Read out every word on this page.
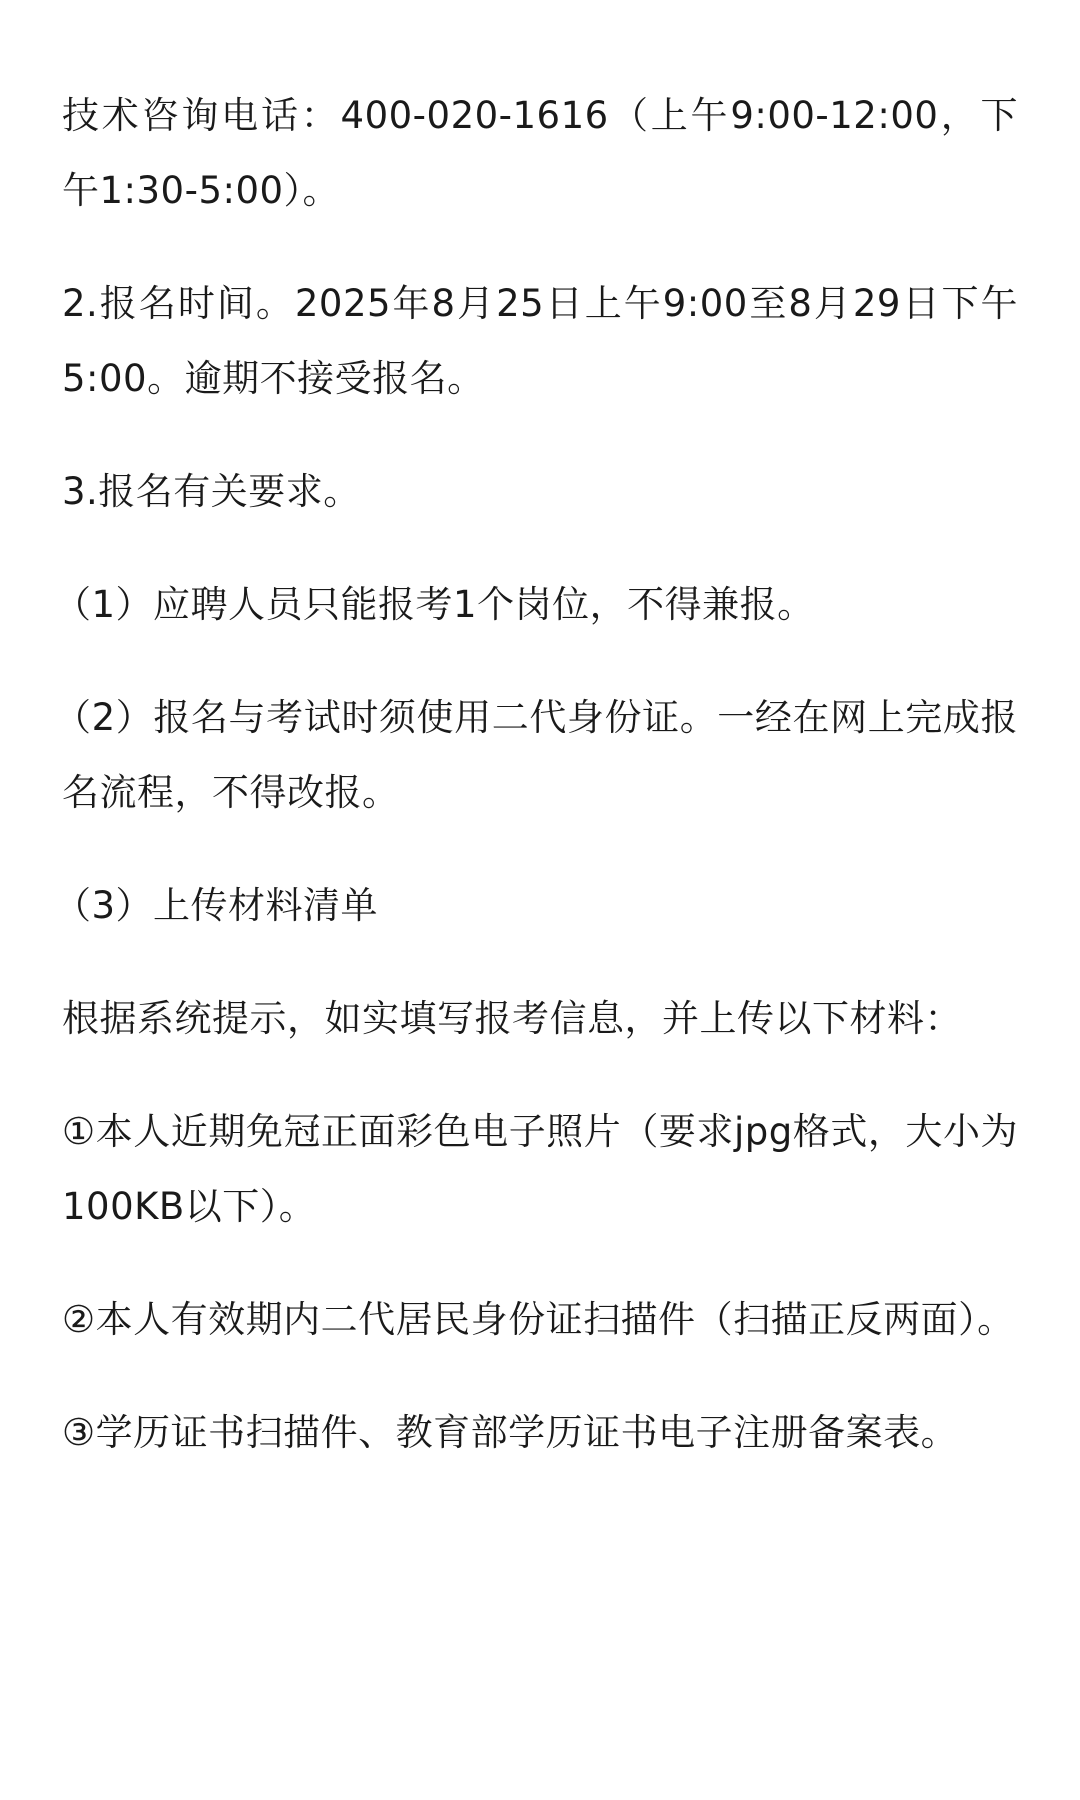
技术咨询电话：400-020-1616（上午9:00-12:00，下午1:30-5:00）。

2.报名时间。2025年8月25日上午9:00至8月29日下午5:00。逾期不接受报名。

3.报名有关要求。

（1）应聘人员只能报考1个岗位，不得兼报。

（2）报名与考试时须使用二代身份证。一经在网上完成报名流程，不得改报。

（3）上传材料清单

根据系统提示，如实填写报考信息，并上传以下材料：

①本人近期免冠正面彩色电子照片（要求jpg格式，大小为100KB以下）。

②本人有效期内二代居民身份证扫描件（扫描正反两面）。

③学历证书扫描件、教育部学历证书电子注册备案表。
